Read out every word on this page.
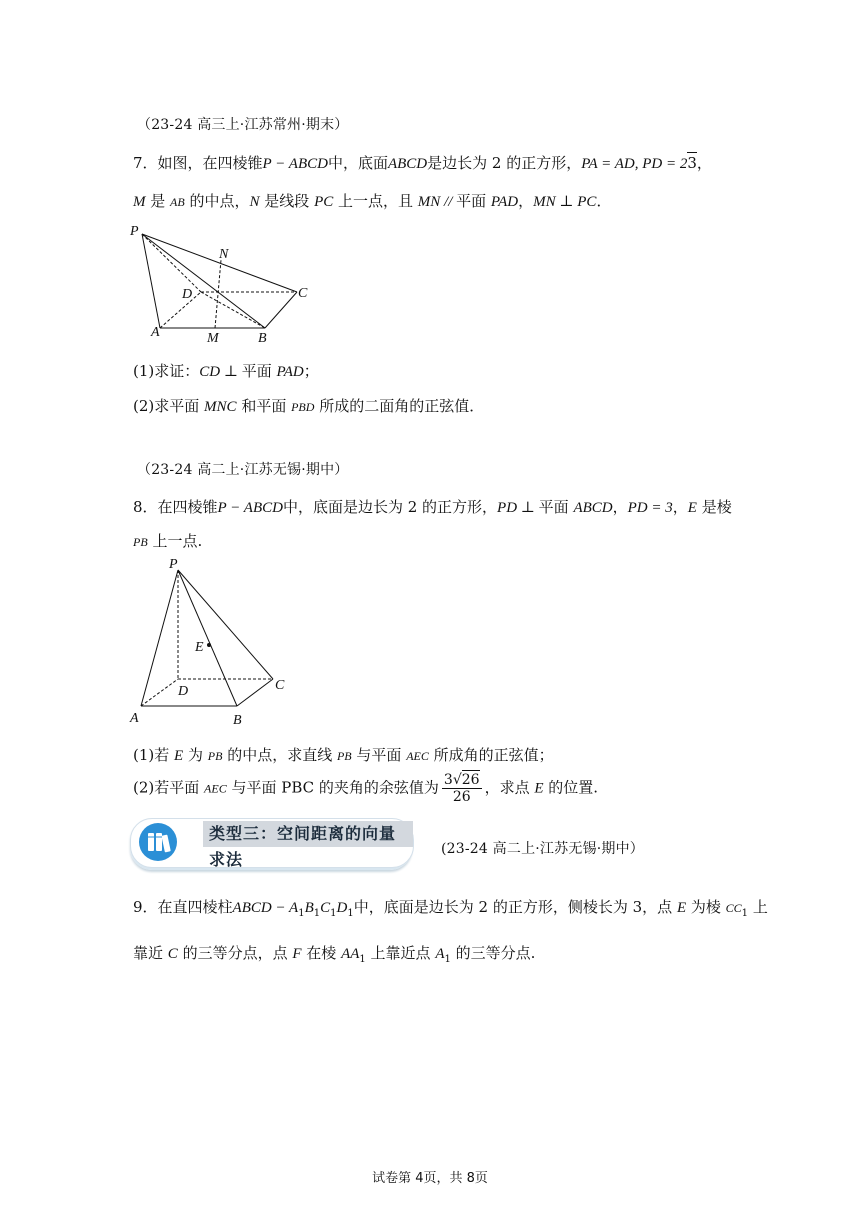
（23-24 高三上·江苏常州·期末）
7．如图，在四棱锥P − ABCD中，底面ABCD是边长为 2 的正方形，PA = AD, PD = 23，
M 是 AB 的中点，N 是线段 PC 上一点，且 MN // 平面 PAD，MN ⊥ PC．
P
N
D	C
A	M	B
(1)求证：CD ⊥ 平面 PAD；
(2)求平面 MNC 和平面 PBD 所成的二面角的正弦值．
（23-24 高二上·江苏无锡·期中）
8．在四棱锥P − ABCD中，底面是边长为 2 的正方形，PD ⊥ 平面 ABCD，PD = 3，E 是棱
PB 上一点.
P
E
D	C
A	B
(1)若 E 为 PB 的中点，求直线 PB 与平面 AEC 所成角的正弦值；
(2)若平面 AEC 与平面 PBC 的夹角的余弦值为 $\frac{3√26}{26}$ ，求点 E 的位置.
类型三：空间距离的向量求法
(23-24 高二上·江苏无锡·期中）
9．在直四棱柱ABCD − $A_1B_1C_1D_1$中，底面是边长为 2 的正方形，侧棱长为 3，点 E 为棱 $CC_1$ 上
靠近 C 的三等分点，点 F 在棱 $AA_1$ 上靠近点 $A_1$ 的三等分点.
试卷第 4页，共 8页
